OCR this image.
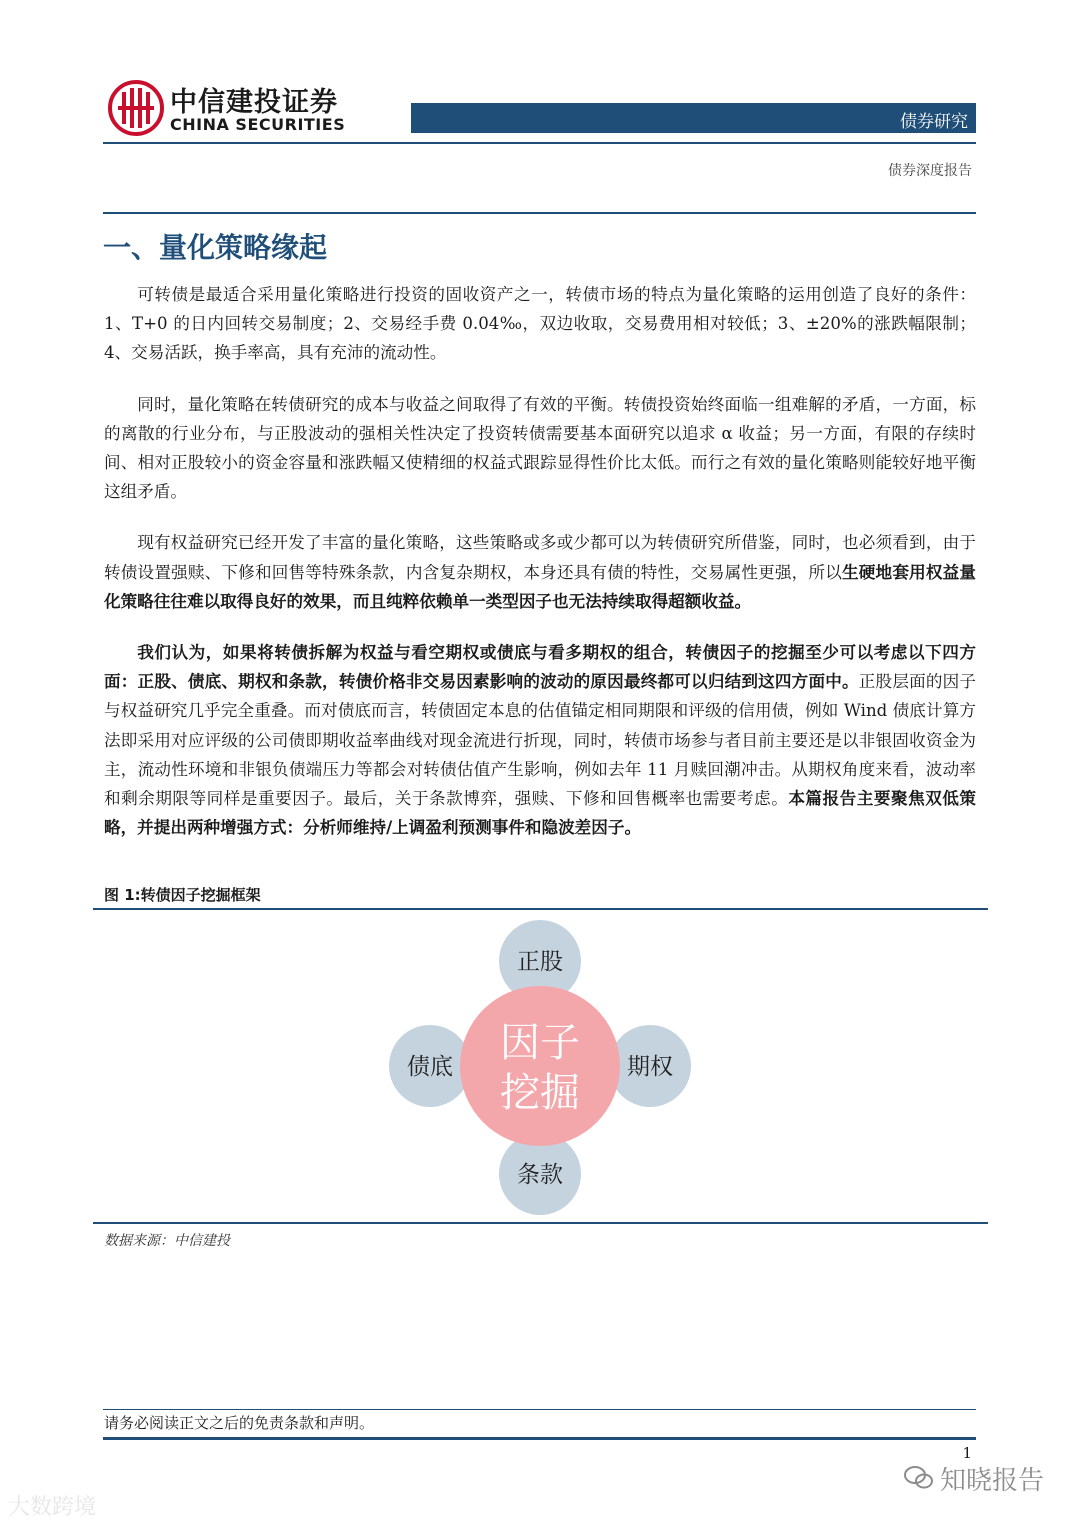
中信建投证券
CHINA SECURITIES	债券研究
债券深度报告
一、量化策略缘起

可转债是最适合采用量化策略进行投资的固收资产之一，转债市场的特点为量化策略的运用创造了良好的条件：1、T+0 的日内回转交易制度；2、交易经手费 0.04‰，双边收取，交易费用相对较低；3、±20%的涨跌幅限制；4、交易活跃，换手率高，具有充沛的流动性。

同时，量化策略在转债研究的成本与收益之间取得了有效的平衡。转债投资始终面临一组难解的矛盾，一方面，标的离散的行业分布，与正股波动的强相关性决定了投资转债需要基本面研究以追求 α 收益；另一方面，有限的存续时间、相对正股较小的资金容量和涨跌幅又使精细的权益式跟踪显得性价比太低。而行之有效的量化策略则能较好地平衡这组矛盾。

现有权益研究已经开发了丰富的量化策略，这些策略或多或少都可以为转债研究所借鉴，同时，也必须看到，由于转债设置强赎、下修和回售等特殊条款，内含复杂期权，本身还具有债的特性，交易属性更强，所以生硬地套用权益量化策略往往难以取得良好的效果，而且纯粹依赖单一类型因子也无法持续取得超额收益。

我们认为，如果将转债拆解为权益与看空期权或债底与看多期权的组合，转债因子的挖掘至少可以考虑以下四方面：正股、债底、期权和条款，转债价格非交易因素影响的波动的原因最终都可以归结到这四方面中。正股层面的因子与权益研究几乎完全重叠。而对债底而言，转债固定本息的估值锚定相同期限和评级的信用债，例如 Wind 债底计算方法即采用对应评级的公司债即期收益率曲线对现金流进行折现，同时，转债市场参与者目前主要还是以非银固收资金为主，流动性环境和非银负债端压力等都会对转债估值产生影响，例如去年 11 月赎回潮冲击。从期权角度来看，波动率和剩余期限等同样是重要因子。最后，关于条款博弈，强赎、下修和回售概率也需要考虑。本篇报告主要聚焦双低策略，并提出两种增强方式：分析师维持/上调盈利预测事件和隐波差因子。

图 1:转债因子挖掘框架
因子
挖掘
正股
债底	期权
条款
数据来源：中信建投
请务必阅读正文之后的免责条款和声明。
1
知晓报告
大数跨境
